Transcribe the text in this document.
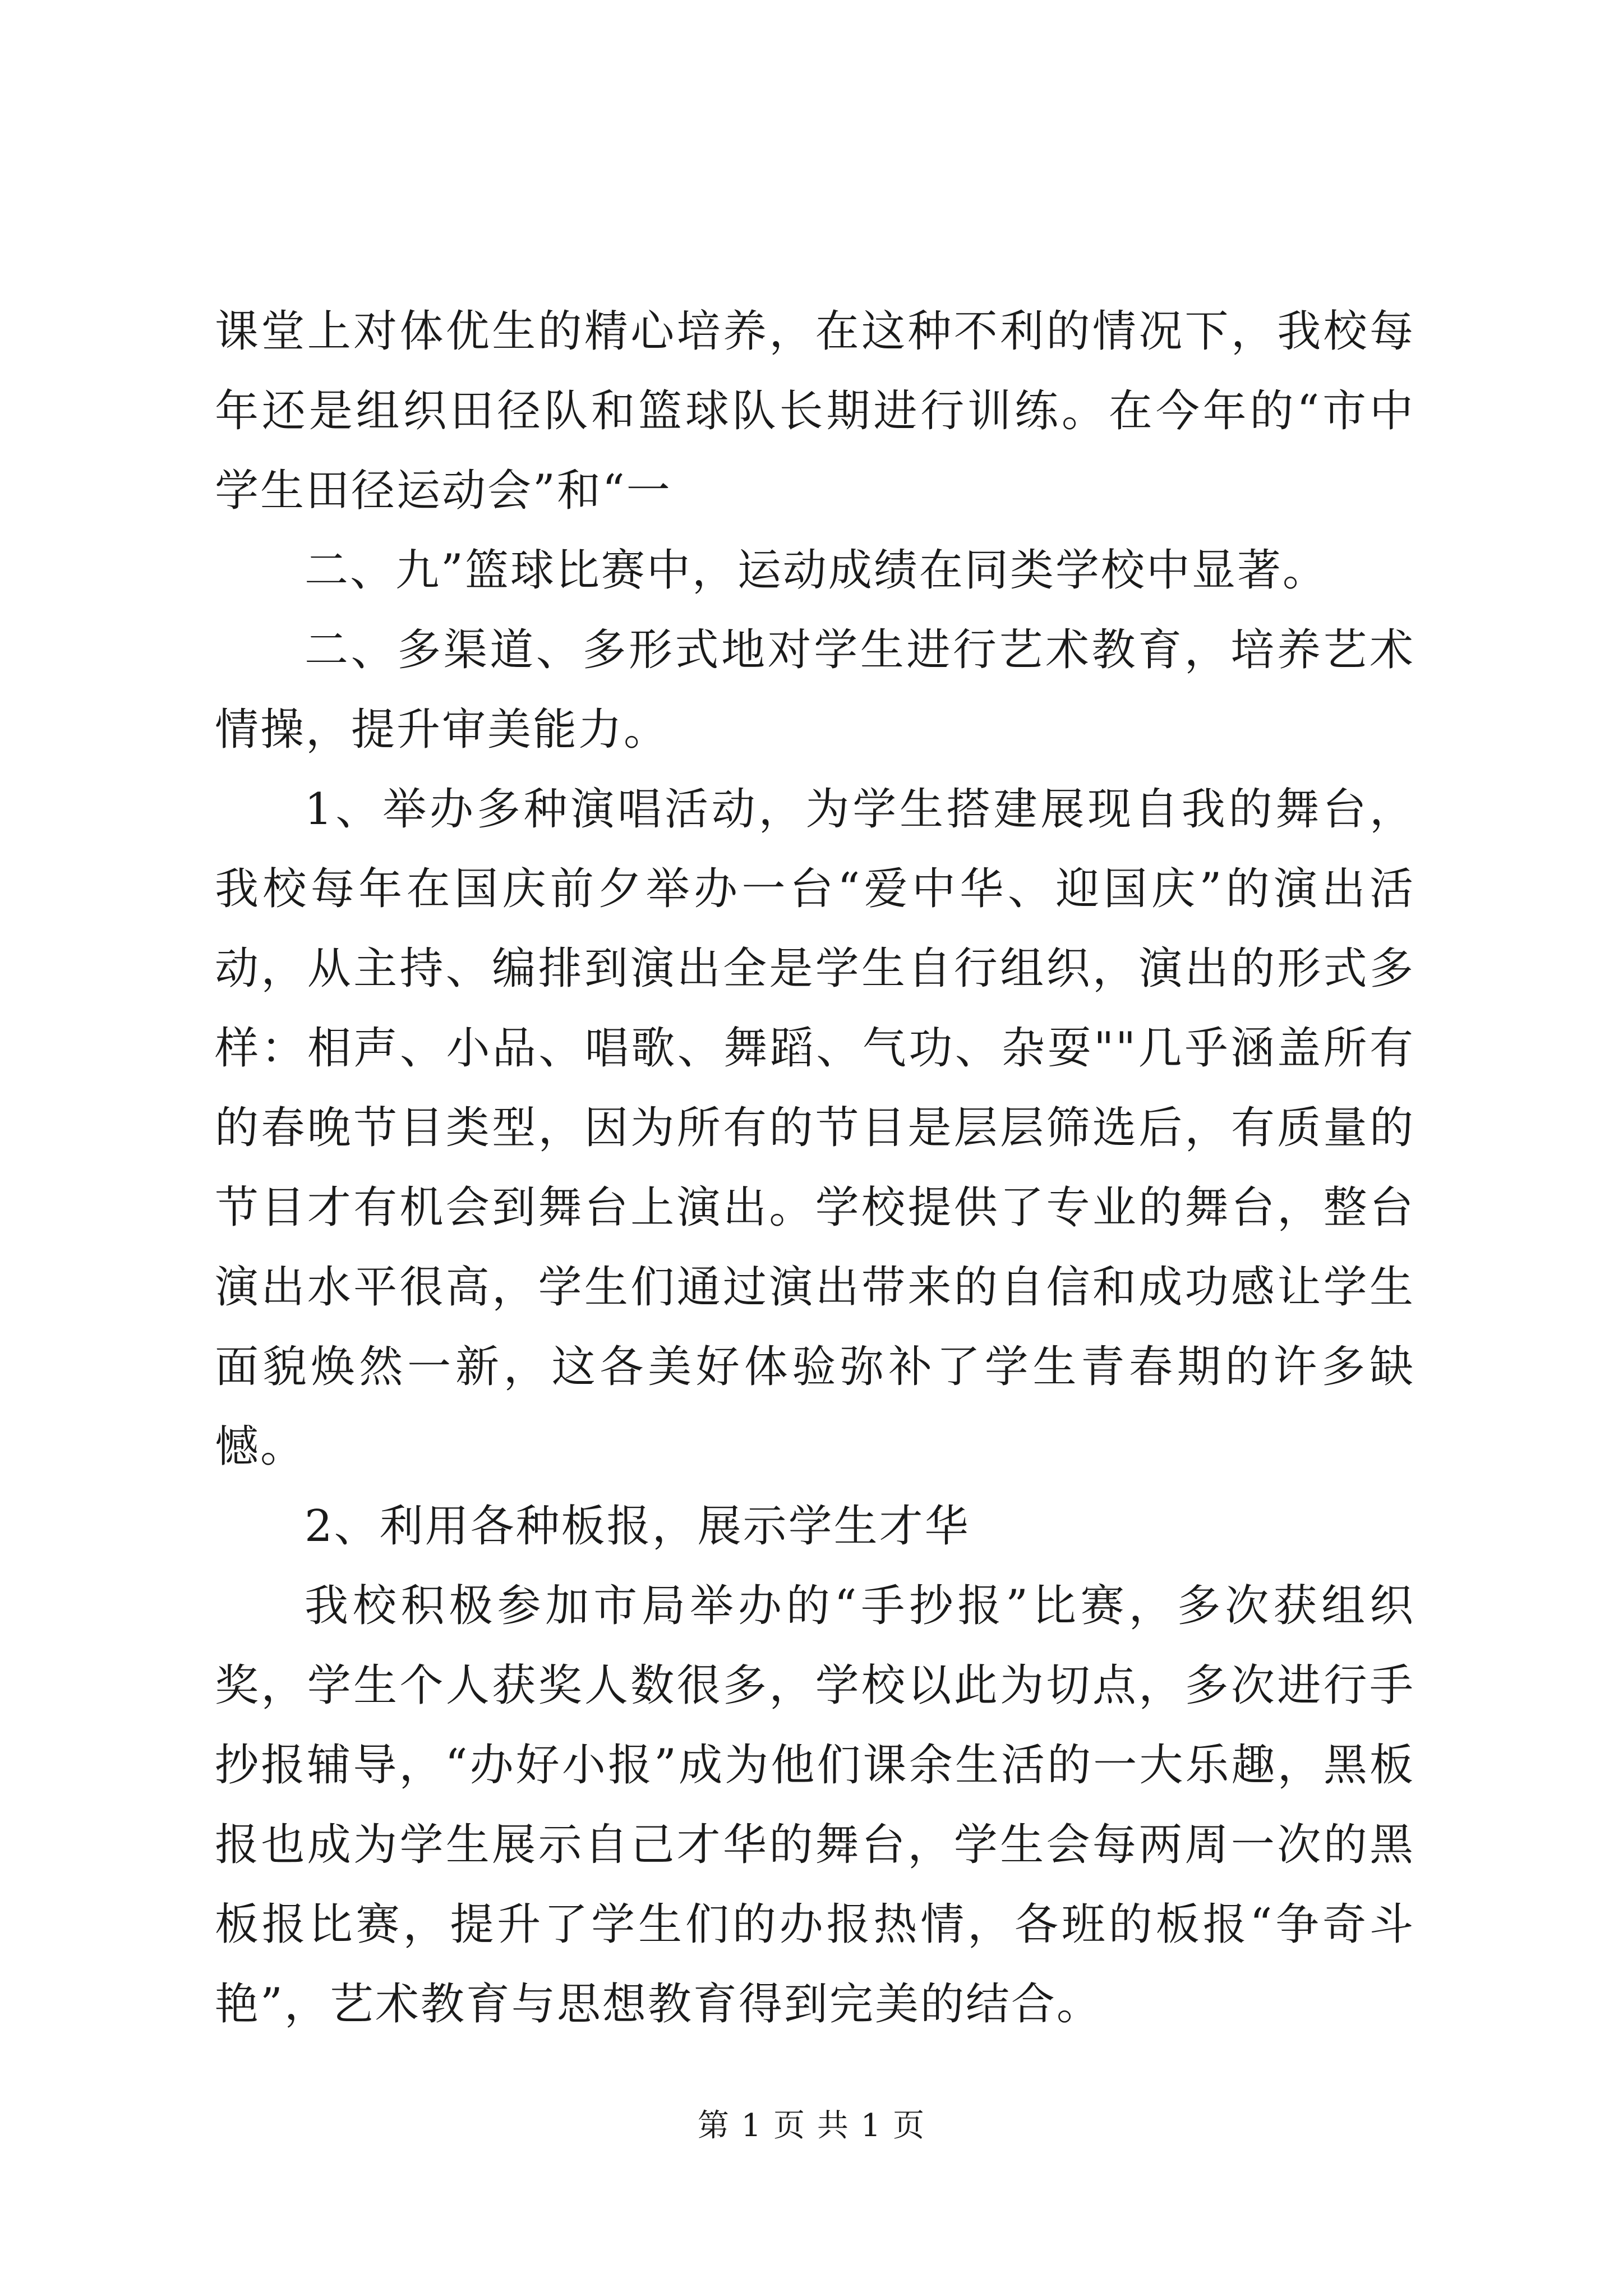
课堂上对体优生的精心培养，在这种不利的情况下，我校每年还是组织田径队和篮球队长期进行训练。在今年的“市中学生田径运动会”和“一

二、九”篮球比赛中，运动成绩在同类学校中显著。

二、多渠道、多形式地对学生进行艺术教育，培养艺术情操，提升审美能力。

1、举办多种演唱活动，为学生搭建展现自我的舞台，我校每年在国庆前夕举办一台“爱中华、迎国庆”的演出活动，从主持、编排到演出全是学生自行组织，演出的形式多样：相声、小品、唱歌、舞蹈、气功、杂耍""几乎涵盖所有的春晚节目类型，因为所有的节目是层层筛选后，有质量的节目才有机会到舞台上演出。学校提供了专业的舞台，整台演出水平很高，学生们通过演出带来的自信和成功感让学生面貌焕然一新，这各美好体验弥补了学生青春期的许多缺憾。

2、利用各种板报，展示学生才华

我校积极参加市局举办的“手抄报”比赛，多次获组织奖，学生个人获奖人数很多，学校以此为切点，多次进行手抄报辅导，“办好小报”成为他们课余生活的一大乐趣，黑板报也成为学生展示自己才华的舞台，学生会每两周一次的黑板报比赛，提升了学生们的办报热情，各班的板报“争奇斗艳”，艺术教育与思想教育得到完美的结合。

第 1 页 共 1 页
